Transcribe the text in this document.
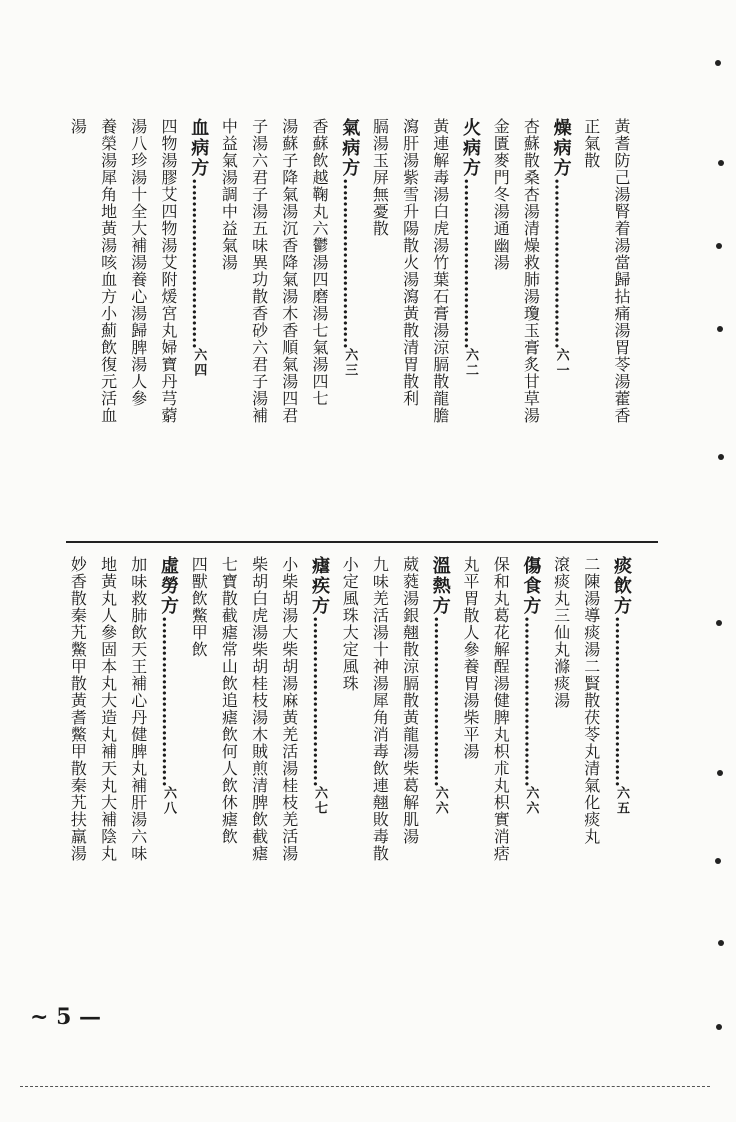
黃耆防己湯腎着湯當歸拈痛湯胃苓湯藿香
正氣散
燥病方…………………………六一
杏蘇散桑杏湯清燥救肺湯瓊玉膏炙甘草湯
金匱麥門冬湯通幽湯
火病方…………………………六二
黃連解毒湯白虎湯竹葉石膏湯涼膈散龍膽
瀉肝湯紫雪升陽散火湯瀉黃散清胃散利
膈湯玉屏無憂散
氣病方…………………………六三
香蘇飲越鞠丸六鬱湯四磨湯七氣湯四七
湯蘇子降氣湯沉香降氣湯木香順氣湯四君
子湯六君子湯五味異功散香砂六君子湯補
中益氣湯調中益氣湯
血病方…………………………六四
四物湯膠艾四物湯艾附煖宮丸婦寶丹芎藭
湯八珍湯十全大補湯養心湯歸脾湯人參
養榮湯犀角地黃湯咳血方小薊飲復元活血
湯
痰飲方…………………………六五
二陳湯導痰湯二賢散茯苓丸清氣化痰丸
滾痰丸三仙丸滌痰湯
傷食方…………………………六六
保和丸葛花解酲湯健脾丸枳朮丸枳實消痞
丸平胃散人參養胃湯柴平湯
溫熱方…………………………六六
葳蕤湯銀翹散涼膈散黃龍湯柴葛解肌湯
九味羌活湯十神湯犀角消毒飲連翹敗毒散
小定風珠大定風珠
瘧疾方…………………………六七
小柴胡湯大柴胡湯麻黃羌活湯桂枝羌活湯
柴胡白虎湯柴胡桂枝湯木賊煎清脾飲截瘧
七寶散截瘧常山飲追瘧飲何人飲休瘧飲
四獸飲鱉甲飲
虛勞方…………………………六八
加味救肺飲天王補心丹健脾丸補肝湯六味
地黃丸人參固本丸大造丸補天丸大補陰丸
妙香散秦艽鱉甲散黃耆鱉甲散秦艽扶羸湯
~ 5 —
